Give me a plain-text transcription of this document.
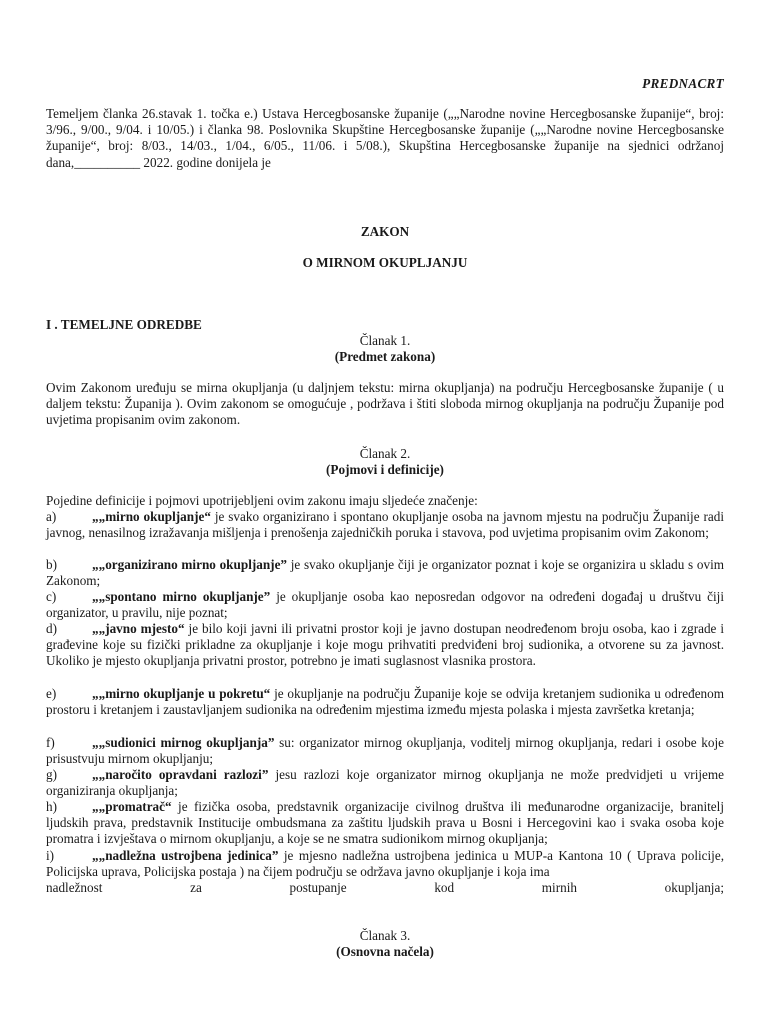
PREDNACRT

Temeljem članka 26.stavak 1. točka e.) Ustava Hercegbosanske županije („„Narodne novine Hercegbosanske županije“, broj: 3/96., 9/00., 9/04. i 10/05.) i članka 98. Poslovnika Skupštine Hercegbosanske županije („„Narodne novine Hercegbosanske županije“, broj: 8/03., 14/03., 1/04., 6/05., 11/06. i 5/08.), Skupština Hercegbosanske županije na sjednici održanoj dana,__________ 2022. godine donijela je

ZAKON

O MIRNOM OKUPLJANJU

I . TEMELJNE ODREDBE

Članak 1.

(Predmet zakona)

Ovim Zakonom uređuju se mirna okupljanja (u daljnjem tekstu: mirna okupljanja) na području Hercegbosanske županije ( u daljem tekstu: Županija ). Ovim zakonom se omogućuje , podržava i štiti sloboda mirnog okupljanja na području Županije pod uvjetima propisanim ovim zakonom.

Članak 2.

(Pojmovi i definicije)

Pojedine definicije i pojmovi upotrijebljeni ovim zakonu imaju sljedeće značenje:

a)	„„mirno okupljanje“ je svako organizirano i spontano okupljanje osoba na javnom mjestu na području Županije radi javnog, nenasilnog izražavanja mišljenja i prenošenja zajedničkih poruka i stavova, pod uvjetima propisanim ovim Zakonom;

b)	„„organizirano mirno okupljanje” je svako okupljanje čiji je organizator poznat i koje se organizira u skladu s ovim Zakonom;

c)	„„spontano mirno okupljanje” je okupljanje osoba kao neposredan odgovor na određeni događaj u društvu čiji organizator, u pravilu, nije poznat;

d)	„„javno mjesto“ je bilo koji javni ili privatni prostor koji je javno dostupan neodređenom broju osoba, kao i zgrade i građevine koje su fizički prikladne za okupljanje i koje mogu prihvatiti predviđeni broj sudionika, a otvorene su za javnost. Ukoliko je mjesto okupljanja privatni prostor, potrebno je imati suglasnost vlasnika prostora.

e)	„„mirno okupljanje u pokretu“ je okupljanje na području Županije koje se odvija kretanjem sudionika u određenom prostoru i kretanjem i zaustavljanjem sudionika na određenim mjestima između mjesta polaska i mjesta završetka kretanja;

f)	„„sudionici mirnog okupljanja” su: organizator mirnog okupljanja, voditelj mirnog okupljanja, redari i osobe koje prisustvuju mirnom okupljanju;

g)	„„naročito opravdani razlozi” jesu razlozi koje organizator mirnog okupljanja ne može predvidjeti u vrijeme organiziranja okupljanja;

h)	„„promatrač“ je fizička osoba, predstavnik organizacije civilnog društva ili međunarodne organizacije, branitelj ljudskih prava, predstavnik Institucije ombudsmana za zaštitu ljudskih prava u Bosni i Hercegovini kao i svaka osoba koje promatra i izvještava o mirnom okupljanju, a koje se ne smatra sudionikom mirnog okupljanja;

i)	„„nadležna ustrojbena jedinica” je mjesno nadležna ustrojbena jedinica u MUP-a Kantona 10 ( Uprava policije, Policijska uprava, Policijska postaja ) na čijem području se održava javno okupljanje i koja ima

nadležnost	za	postupanje	kod	mirnih	okupljanja;

Članak 3.

(Osnovna načela)
